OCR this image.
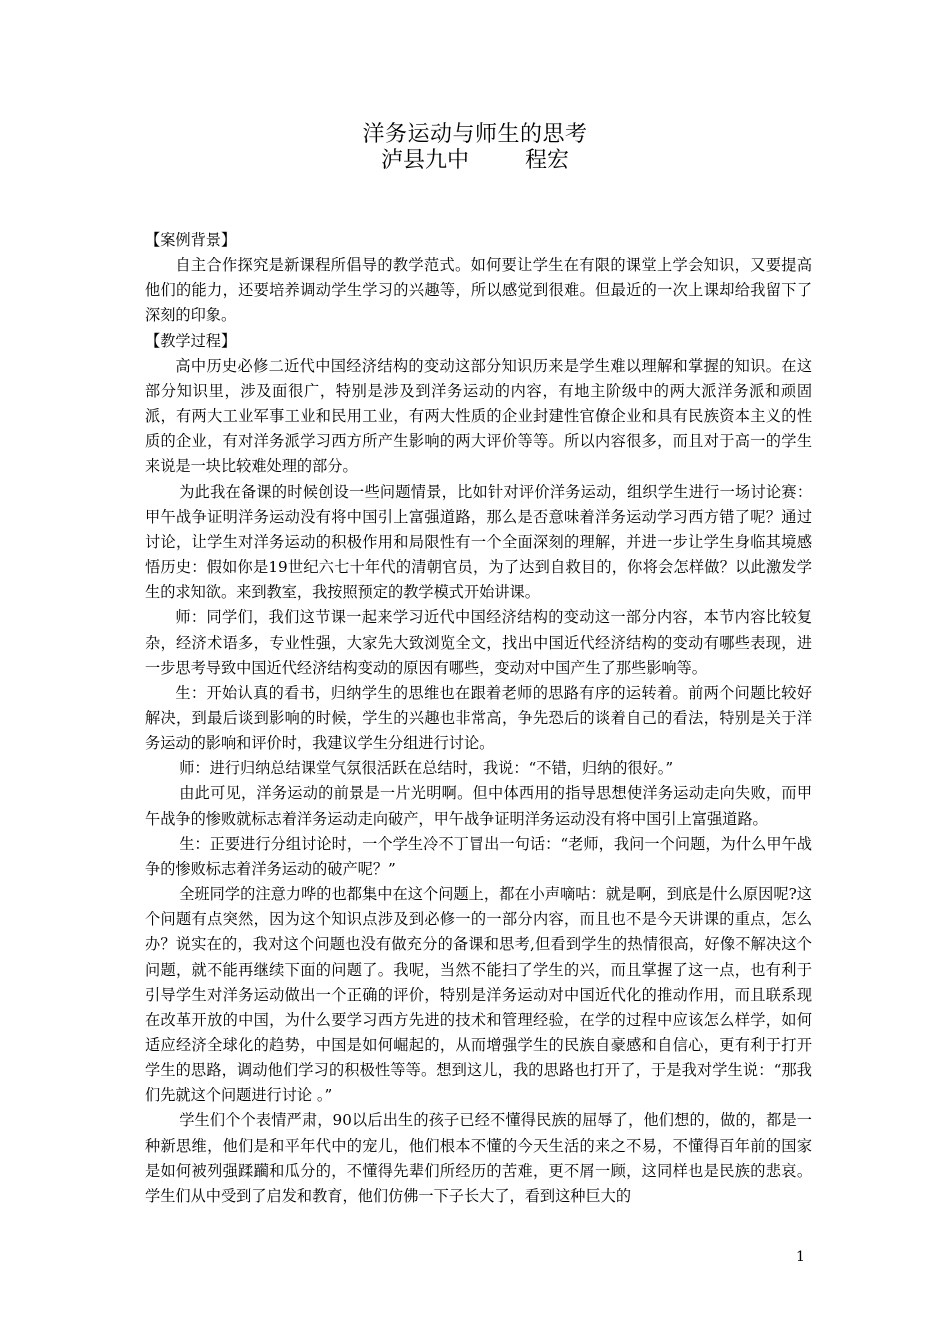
洋务运动与师生的思考
泸县九中        程宏

【案例背景】

自主合作探究是新课程所倡导的教学范式。如何要让学生在有限的课堂上学会知识，又要提高他们的能力，还要培养调动学生学习的兴趣等，所以感觉到很难。但最近的一次上课却给我留下了深刻的印象。

【教学过程】

高中历史必修二近代中国经济结构的变动这部分知识历来是学生难以理解和掌握的知识。在这部分知识里，涉及面很广，特别是涉及到洋务运动的内容，有地主阶级中的两大派洋务派和顽固派，有两大工业军事工业和民用工业，有两大性质的企业封建性官僚企业和具有民族资本主义的性质的企业，有对洋务派学习西方所产生影响的两大评价等等。所以内容很多，而且对于高一的学生来说是一块比较难处理的部分。

为此我在备课的时候创设一些问题情景，比如针对评价洋务运动，组织学生进行一场讨论赛：甲午战争证明洋务运动没有将中国引上富强道路，那么是否意味着洋务运动学习西方错了呢？通过讨论，让学生对洋务运动的积极作用和局限性有一个全面深刻的理解，并进一步让学生身临其境感悟历史：假如你是19世纪六七十年代的清朝官员，为了达到自救目的，你将会怎样做？以此激发学生的求知欲。来到教室，我按照预定的教学模式开始讲课。

师：同学们，我们这节课一起来学习近代中国经济结构的变动这一部分内容，本节内容比较复杂，经济术语多，专业性强，大家先大致浏览全文，找出中国近代经济结构的变动有哪些表现，进一步思考导致中国近代经济结构变动的原因有哪些，变动对中国产生了那些影响等。

生：开始认真的看书，归纳学生的思维也在跟着老师的思路有序的运转着。前两个问题比较好解决，到最后谈到影响的时候，学生的兴趣也非常高，争先恐后的谈着自己的看法，特别是关于洋务运动的影响和评价时，我建议学生分组进行讨论。

师：进行归纳总结课堂气氛很活跃在总结时，我说：“不错，归纳的很好。”

由此可见，洋务运动的前景是一片光明啊。但中体西用的指导思想使洋务运动走向失败，而甲午战争的惨败就标志着洋务运动走向破产，甲午战争证明洋务运动没有将中国引上富强道路。

生：正要进行分组讨论时，一个学生冷不丁冒出一句话：“老师，我问一个问题，为什么甲午战争的惨败标志着洋务运动的破产呢？”

全班同学的注意力哗的也都集中在这个问题上，都在小声嘀咕：就是啊，到底是什么原因呢?这个问题有点突然，因为这个知识点涉及到必修一的一部分内容，而且也不是今天讲课的重点，怎么办？说实在的，我对这个问题也没有做充分的备课和思考,但看到学生的热情很高，好像不解决这个问题，就不能再继续下面的问题了。我呢，当然不能扫了学生的兴，而且掌握了这一点，也有利于引导学生对洋务运动做出一个正确的评价，特别是洋务运动对中国近代化的推动作用，而且联系现在改革开放的中国，为什么要学习西方先进的技术和管理经验，在学的过程中应该怎么样学，如何适应经济全球化的趋势，中国是如何崛起的，从而增强学生的民族自豪感和自信心，更有利于打开学生的思路，调动他们学习的积极性等等。想到这儿，我的思路也打开了，于是我对学生说：“那我们先就这个问题进行讨论 。”

学生们个个表情严肃，90以后出生的孩子已经不懂得民族的屈辱了，他们想的，做的，都是一种新思维，他们是和平年代中的宠儿，他们根本不懂的今天生活的来之不易，不懂得百年前的国家是如何被列强蹂躏和瓜分的，不懂得先辈们所经历的苦难，更不屑一顾，这同样也是民族的悲哀。学生们从中受到了启发和教育，他们仿佛一下子长大了，看到这种巨大的

1
